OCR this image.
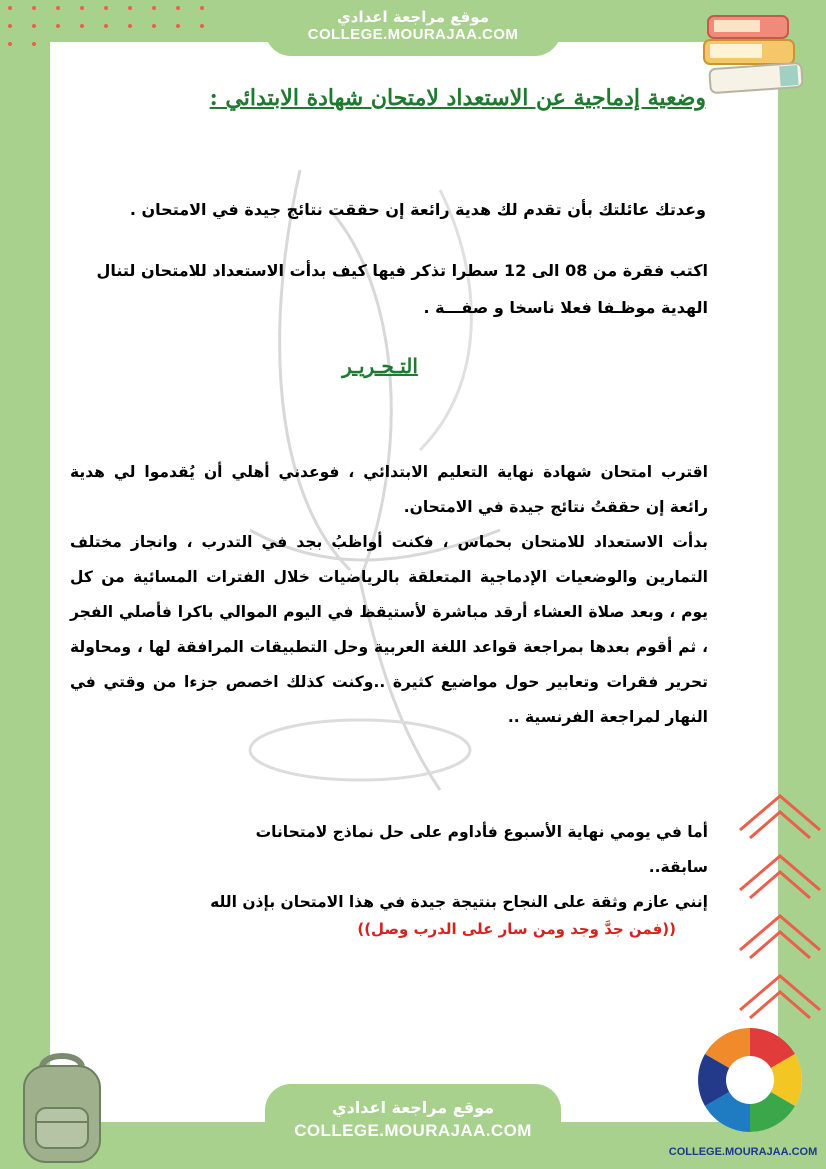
موقع مراجعة اعدادي
COLLEGE.MOURAJAA.COM
وضعية إدماجية عن الاستعداد لامتحان شهادة الابتدائي :
وعدتك عائلتك بأن تقدم لك هدية رائعة إن حققت نتائج جيدة في الامتحان .
اكتب فقرة من 08 الى 12 سطرا تذكر فيها كيف بدأت الاستعداد للامتحان لتنال الهدية موظـفا فعلا ناسخا و صفـــة .
التـحـريـر

اقترب امتحان شهادة نهاية التعليم الابتدائي ، فوعدني أهلي أن يُقدموا لي هدية رائعة إن حققتُ نتائج جيدة في الامتحان.

بدأت الاستعداد للامتحان بحماس ، فكنت أواظبُ بجد في التدرب ، وانجاز مختلف التمارين والوضعيات الإدماجية المتعلقة بالرياضيات خلال الفترات المسائية من كل يوم ، وبعد صلاة العشاء أرقد مباشرة لأستيقظ في اليوم الموالي باكرا فأصلي الفجر ، ثم أقوم بعدها بمراجعة قواعد اللغة العربية وحل التطبيقات المرافقة لها ، ومحاولة تحرير فقرات وتعابير حول مواضيع كثيرة ..وكنت كذلك اخصص جزءا من وقتي في النهار لمراجعة الفرنسية ..

أما في يومي نهاية الأسبوع فأداوم على حل نماذج لامتحانات سابقة..
إنني عازم وثقة على النجاح بنتيجة جيدة في هذا الامتحان بإذن الله
((فمن جدَّ وجد ومن سار على الدرب وصل))
موقع مراجعة اعدادي
COLLEGE.MOURAJAA.COM
COLLEGE.MOURAJAA.COM
